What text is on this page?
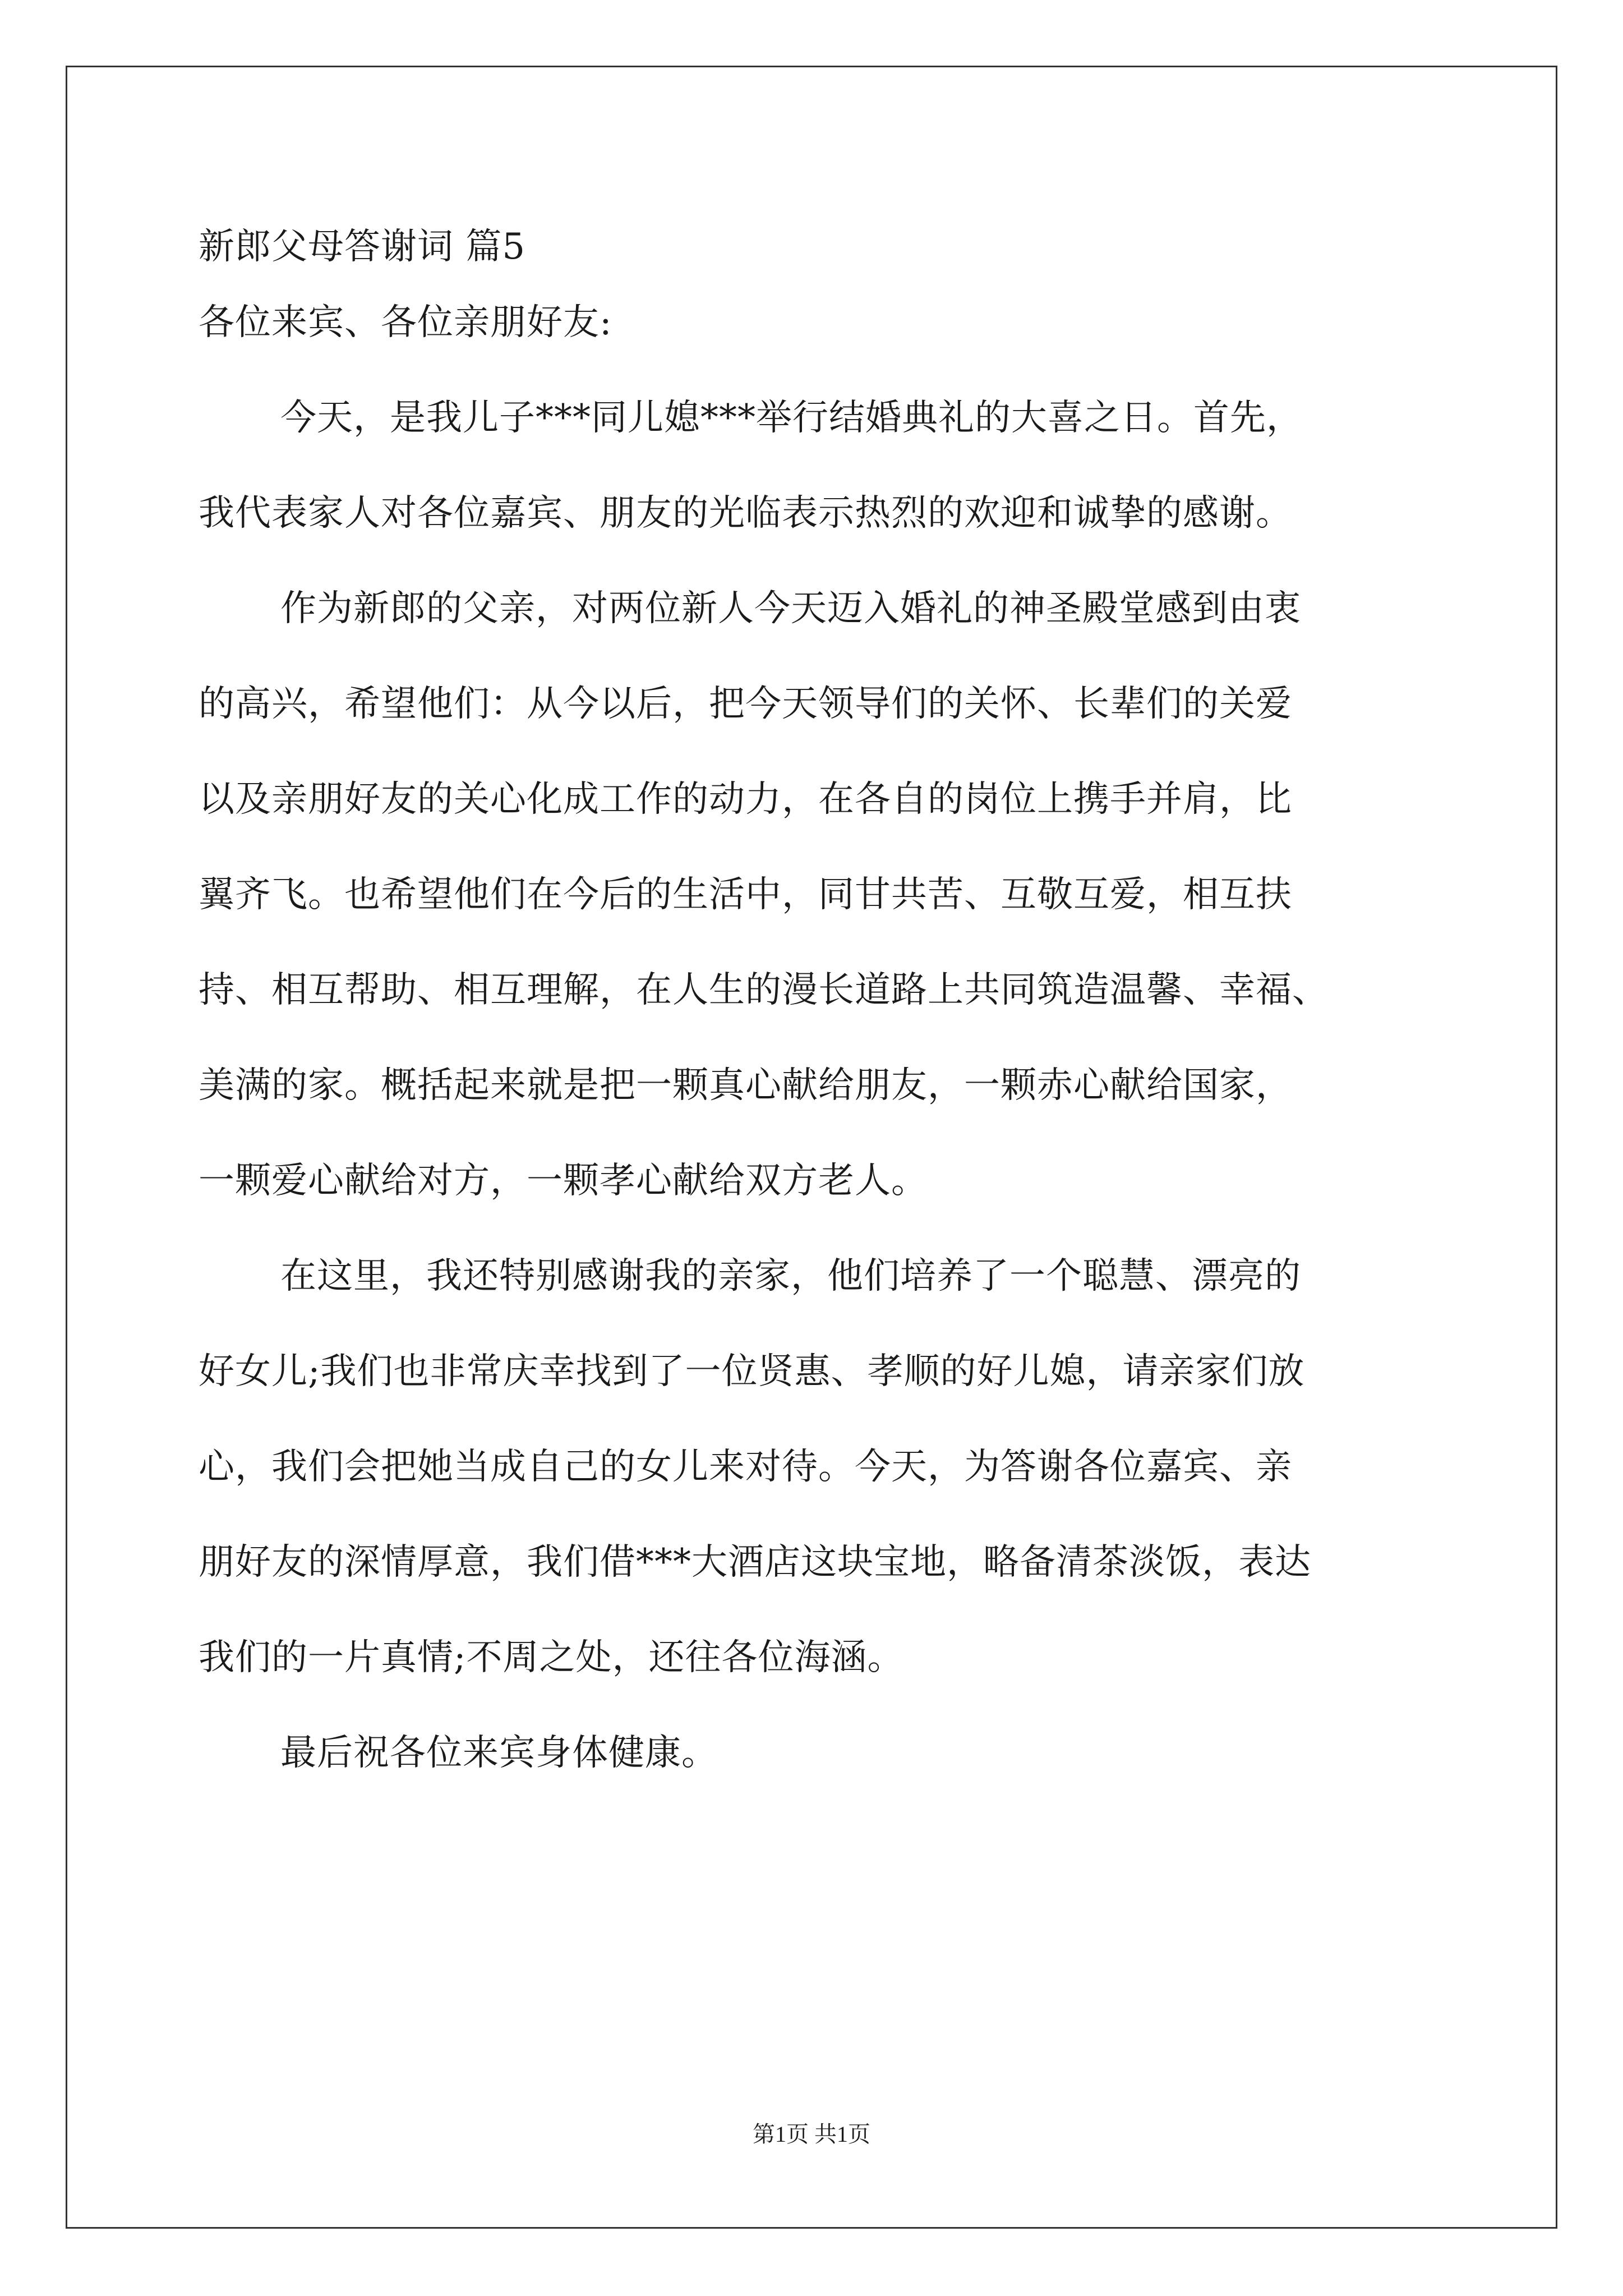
新郎父母答谢词 篇5
各位来宾、各位亲朋好友:
今天，是我儿子***同儿媳***举行结婚典礼的大喜之日。首先，
我代表家人对各位嘉宾、朋友的光临表示热烈的欢迎和诚挚的感谢。
作为新郎的父亲，对两位新人今天迈入婚礼的神圣殿堂感到由衷
的高兴，希望他们：从今以后，把今天领导们的关怀、长辈们的关爱
以及亲朋好友的关心化成工作的动力，在各自的岗位上携手并肩，比
翼齐飞。也希望他们在今后的生活中，同甘共苦、互敬互爱，相互扶
持、相互帮助、相互理解，在人生的漫长道路上共同筑造温馨、幸福、
美满的家。概括起来就是把一颗真心献给朋友，一颗赤心献给国家，
一颗爱心献给对方，一颗孝心献给双方老人。
在这里，我还特别感谢我的亲家，他们培养了一个聪慧、漂亮的
好女儿;我们也非常庆幸找到了一位贤惠、孝顺的好儿媳，请亲家们放
心，我们会把她当成自己的女儿来对待。今天，为答谢各位嘉宾、亲
朋好友的深情厚意，我们借***大酒店这块宝地，略备清茶淡饭，表达
我们的一片真情;不周之处，还往各位海涵。
最后祝各位来宾身体健康。
第1页 共1页
